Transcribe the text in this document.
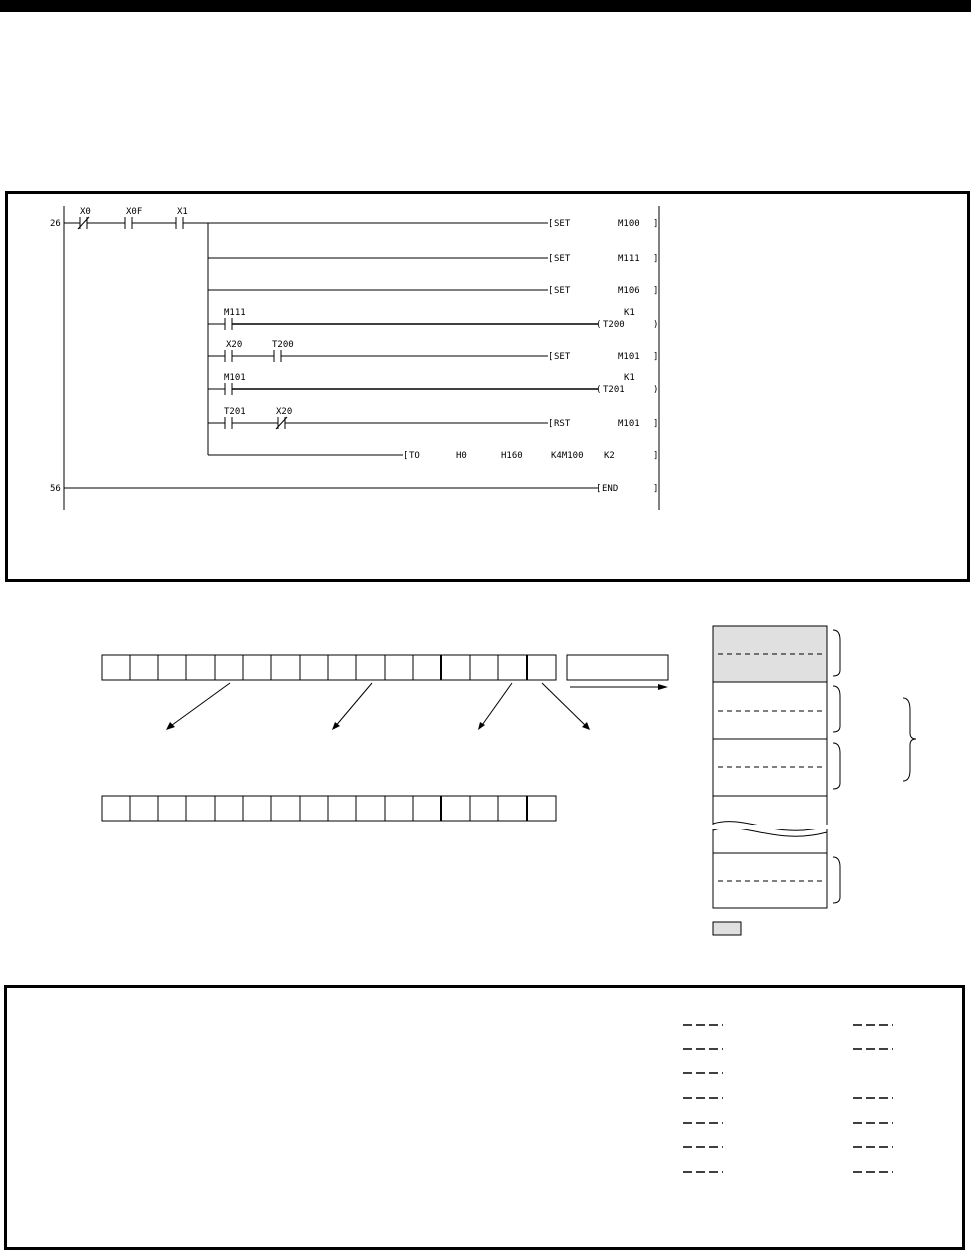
26
56
X0	X0F	X1
[ SET	M100 ]
[ SET	M111 ]
[ SET	M106 ]
M111
( T200
K1
)
X20	T200
[ SET	M101 ]
M101
( T201
K1
)
T201	X20
[ RST	M101 ]
[ TO	H0	H160	K4M100 K2	]
[ END	]
